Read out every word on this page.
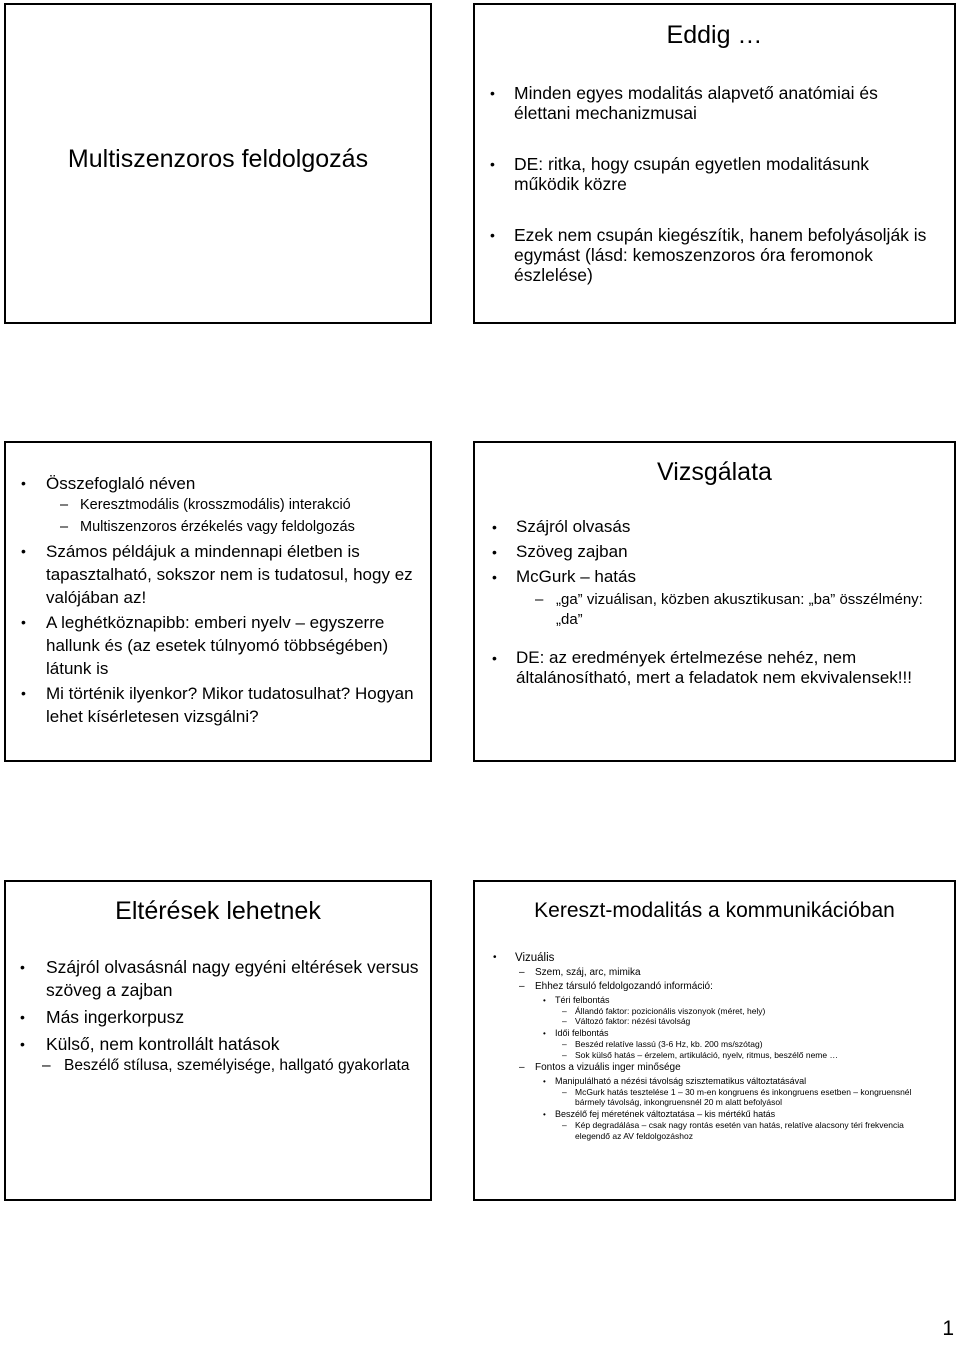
Multiszenzoros feldolgozás
Eddig …
• Minden egyes modalitás alapvető anatómiai és élettani mechanizmusai
• DE: ritka, hogy csupán egyetlen modalitásunk működik közre
• Ezek nem csupán kiegészítik, hanem befolyásolják is egymást (lásd: kemoszenzoros óra feromonok észlelése)
• Összefoglaló néven
– Keresztmodális (krosszmodális) interakció
– Multiszenzoros érzékelés vagy feldolgozás
• Számos példájuk a mindennapi életben is tapasztalható, sokszor nem is tudatosul, hogy ez valójában az!
• A leghétköznapibb: emberi nyelv – egyszerre hallunk és (az esetek túlnyomó többségében) látunk is
• Mi történik ilyenkor? Mikor tudatosulhat? Hogyan lehet kísérletesen vizsgálni?
Vizsgálata
• Szájról olvasás
• Szöveg zajban
• McGurk – hatás
– „ga” vizuálisan, közben akusztikusan: „ba” összélmény: „da”
• DE: az eredmények értelmezése nehéz, nem általánosítható, mert a feladatok nem ekvivalensek!!!
Eltérések lehetnek
• Szájról olvasásnál nagy egyéni eltérések versus szöveg a zajban
• Más ingerkorpusz
• Külső, nem kontrollált hatások
– Beszélő stílusa, személyisége, hallgató gyakorlata
Kereszt-modalitás a kommunikációban
• Vizuális
– Szem, száj, arc, mimika
– Ehhez társuló feldolgozandó információ:
• Téri felbontás
– Állandó faktor: pozicionális viszonyok (méret, hely)
– Változó faktor: nézési távolság
• Idői felbontás
– Beszéd relatíve lassú (3-6 Hz, kb. 200 ms/szótag)
– Sok külső hatás – érzelem, artikuláció, nyelv, ritmus, beszélő neme …
– Fontos a vizuális inger minősége
• Manipulálható a nézési távolság szisztematikus változtatásával
– McGurk hatás tesztelése 1 – 30 m-en kongruens és inkongruens esetben – kongruensnél bármely távolság, inkongruensnél 20 m alatt befolyásol
• Beszélő fej méretének változtatása – kis mértékű hatás
– Kép degradálása – csak nagy rontás esetén van hatás, relatíve alacsony téri frekvencia elegendő az AV feldolgozáshoz
1
